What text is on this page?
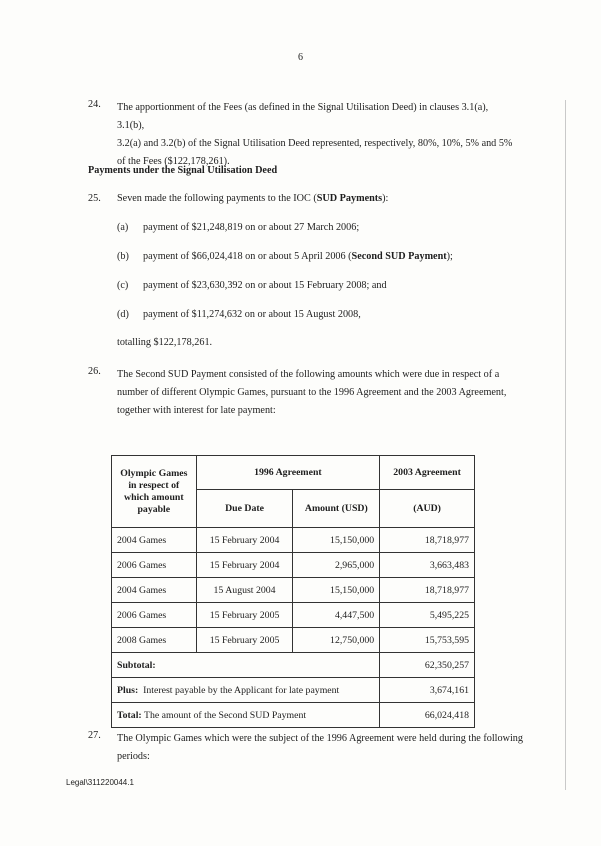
6
24. The apportionment of the Fees (as defined in the Signal Utilisation Deed) in clauses 3.1(a), 3.1(b),
3.2(a) and 3.2(b) of the Signal Utilisation Deed represented, respectively, 80%, 10%, 5% and 5%
of the Fees ($122,178,261).
Payments under the Signal Utilisation Deed
25. Seven made the following payments to the IOC (SUD Payments):
(a) payment of $21,248,819 on or about 27 March 2006;
(b) payment of $66,024,418 on or about 5 April 2006 (Second SUD Payment);
(c) payment of $23,630,392 on or about 15 February 2008; and
(d) payment of $11,274,632 on or about 15 August 2008,
totalling $122,178,261.
26. The Second SUD Payment consisted of the following amounts which were due in respect of a
number of different Olympic Games, pursuant to the 1996 Agreement and the 2003 Agreement,
together with interest for late payment:
Olympic Games in respect of which amount payable	1996 Agreement		2003 Agreement
	Due Date	Amount (USD)	(AUD)
2004 Games	15 February 2004	15,150,000	18,718,977
2006 Games	15 February 2004	2,965,000	3,663,483
2004 Games	15 August 2004	15,150,000	18,718,977
2006 Games	15 February 2005	4,447,500	5,495,225
2008 Games	15 February 2005	12,750,000	15,753,595
Subtotal:			62,350,257
Plus: Interest payable by the Applicant for late payment			3,674,161
Total: The amount of the Second SUD Payment			66,024,418
27. The Olympic Games which were the subject of the 1996 Agreement were held during the following
periods:
Legal\311220044.1
